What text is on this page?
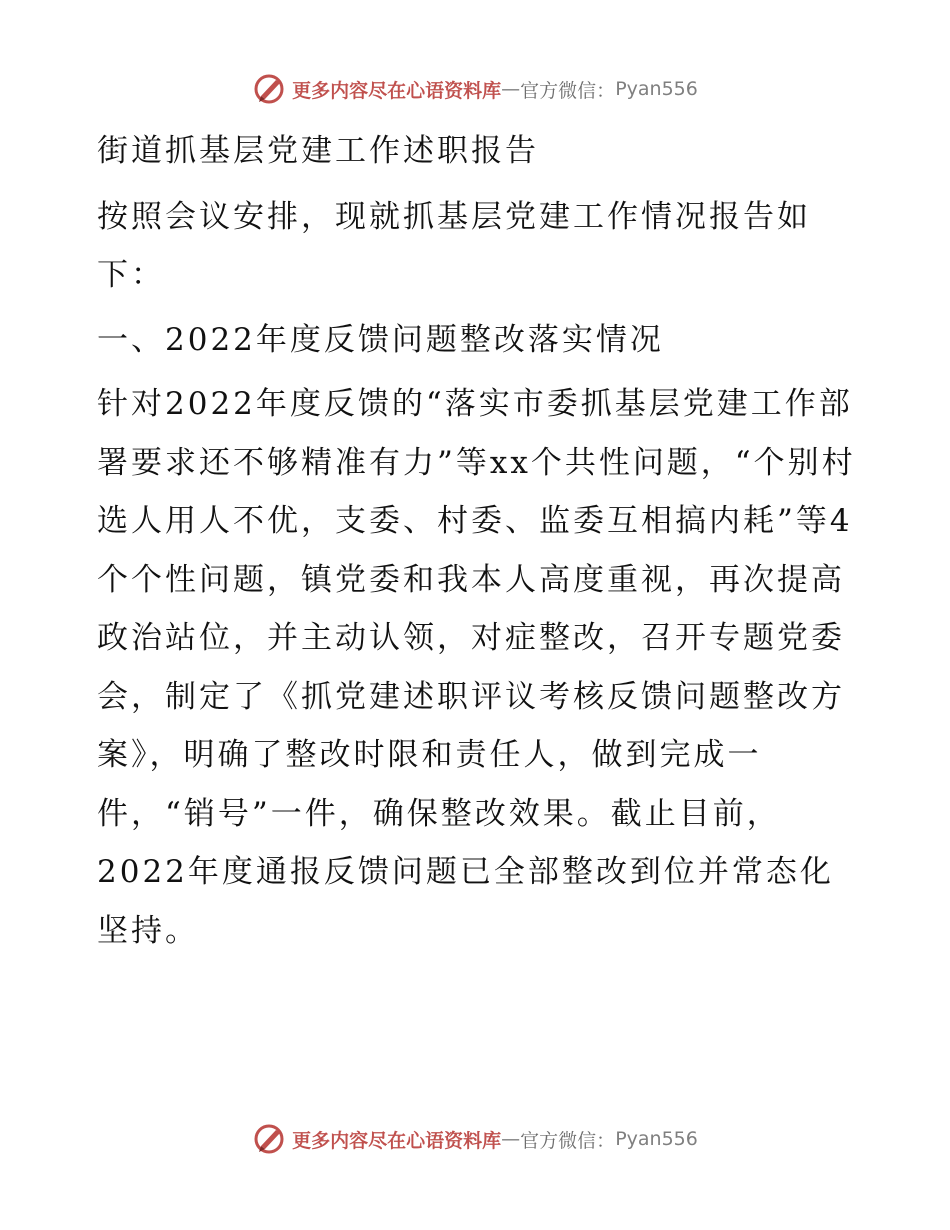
更多内容尽在心语资料库 — 官方微信： Pyan556

街道抓基层党建工作述职报告

按照会议安排，现就抓基层党建工作情况报告如下：

一、2022年度反馈问题整改落实情况

针对2022年度反馈的“落实市委抓基层党建工作部署要求还不够精准有力”等xx个共性问题，“个别村选人用人不优，支委、村委、监委互相搞内耗”等4个个性问题，镇党委和我本人高度重视，再次提高政治站位，并主动认领，对症整改，召开专题党委会，制定了《抓党建述职评议考核反馈问题整改方案》，明确了整改时限和责任人，做到完成一件，“销号”一件，确保整改效果。截止目前，2022年度通报反馈问题已全部整改到位并常态化坚持。

更多内容尽在心语资料库 — 官方微信： Pyan556
